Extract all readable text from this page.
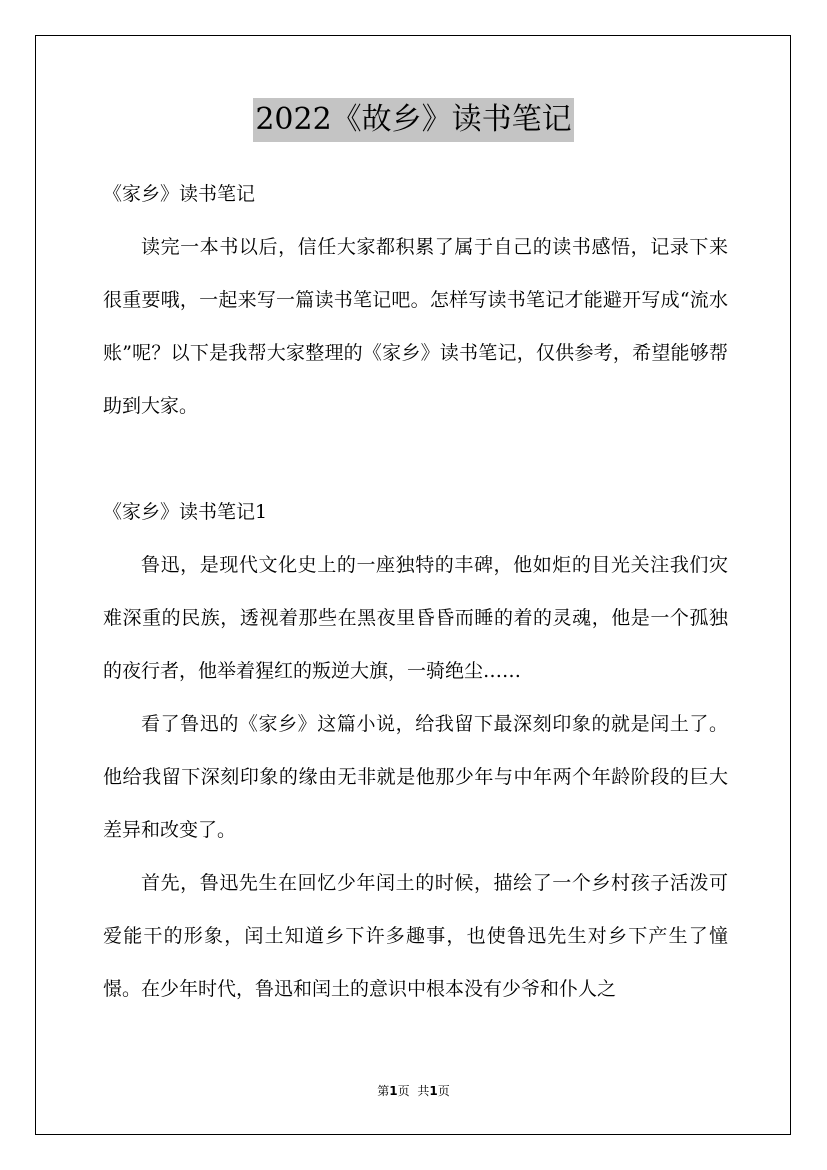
2022《故乡》读书笔记

《家乡》读书笔记

读完一本书以后，信任大家都积累了属于自己的读书感悟，记录下来很重要哦，一起来写一篇读书笔记吧。怎样写读书笔记才能避开写成“流水账”呢？以下是我帮大家整理的《家乡》读书笔记，仅供参考，希望能够帮助到大家。

《家乡》读书笔记1

鲁迅，是现代文化史上的一座独特的丰碑，他如炬的目光关注我们灾难深重的民族，透视着那些在黑夜里昏昏而睡的着的灵魂，他是一个孤独的夜行者，他举着猩红的叛逆大旗，一骑绝尘……

看了鲁迅的《家乡》这篇小说，给我留下最深刻印象的就是闰土了。他给我留下深刻印象的缘由无非就是他那少年与中年两个年龄阶段的巨大差异和改变了。

首先，鲁迅先生在回忆少年闰土的时候，描绘了一个乡村孩子活泼可爱能干的形象，闰土知道乡下许多趣事，也使鲁迅先生对乡下产生了憧憬。在少年时代，鲁迅和闰土的意识中根本没有少爷和仆人之

第1页 共1页
